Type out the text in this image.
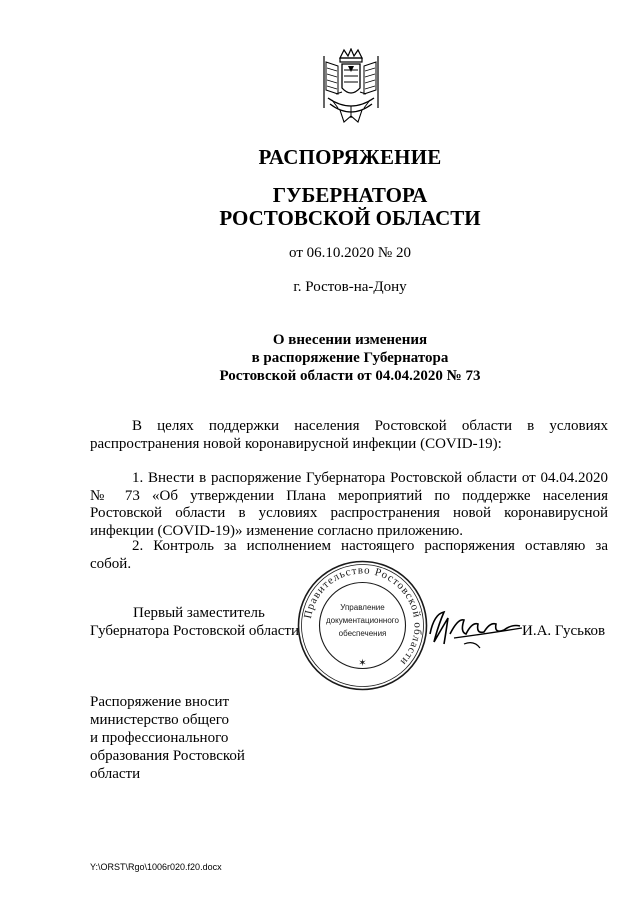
РАСПОРЯЖЕНИЕ
ГУБЕРНАТОРА
РОСТОВСКОЙ ОБЛАСТИ
от 06.10.2020 № 20
г. Ростов-на-Дону
О внесении изменения
в распоряжение Губернатора
Ростовской области от 04.04.2020 № 73
В целях поддержки населения Ростовской области в условиях распространения новой коронавирусной инфекции (COVID-19):
1. Внести в распоряжение Губернатора Ростовской области от 04.04.2020 № 73 «Об утверждении Плана мероприятий по поддержке населения Ростовской области в условиях распространения новой коронавирусной инфекции (COVID-19)» изменение согласно приложению.
2. Контроль за исполнением настоящего распоряжения оставляю за собой.
Первый заместитель
Губернатора Ростовской области
Правительство Ростовской области
Управление
документационного
обеспечения
✶
И.А. Гуськов
Распоряжение вносит
министерство общего
и профессионального
образования Ростовской
области
Y:\ORST\Rgo\1006r020.f20.docx
